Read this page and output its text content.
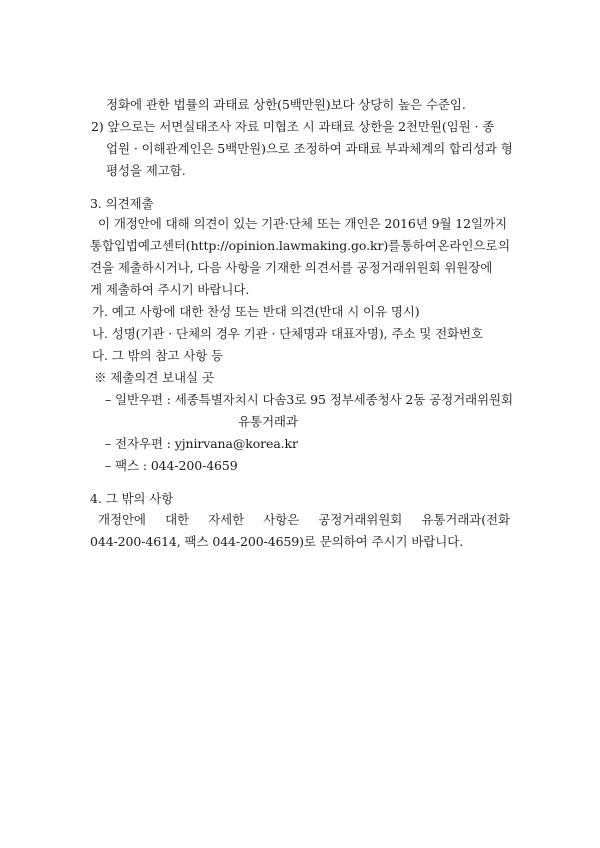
정화에 관한 법률의 과태료 상한(5백만원)보다 상당히 높은 수준임.
2) 앞으로는 서면실태조사 자료 미협조 시 과태료 상한을 2천만원(임원 · 종
업원 · 이해관계인은 5백만원)으로 조정하여 과태료 부과체계의 합리성과 형
평성을 제고함.
3. 의견제출
이 개정안에 대해 의견이 있는 기관·단체 또는 개인은 2016년 9월 12일까지
통합입법예고센터(http://opinion.lawmaking.go.kr)를 통하여 온라인으로 의
견을 제출하시거나, 다음 사항을 기재한 의견서를 공정거래위원회 위원장에
게 제출하여 주시기 바랍니다.
가. 예고 사항에 대한 찬성 또는 반대 의견(반대 시 이유 명시)
나. 성명(기관 · 단체의 경우 기관 · 단체명과 대표자명), 주소 및 전화번호
다. 그 밖의 참고 사항 등
※ 제출의견 보내실 곳
– 일반우편 : 세종특별자치시 다솜3로 95 정부세종청사 2동 공정거래위원회
유통거래과
– 전자우편 : yjnirvana@korea.kr
– 팩스 : 044-200-4659
4. 그 밖의 사항
개정안에 대한 자세한 사항은 공정거래위원회 유통거래과(전화
044-200-4614, 팩스 044-200-4659)로 문의하여 주시기 바랍니다.
